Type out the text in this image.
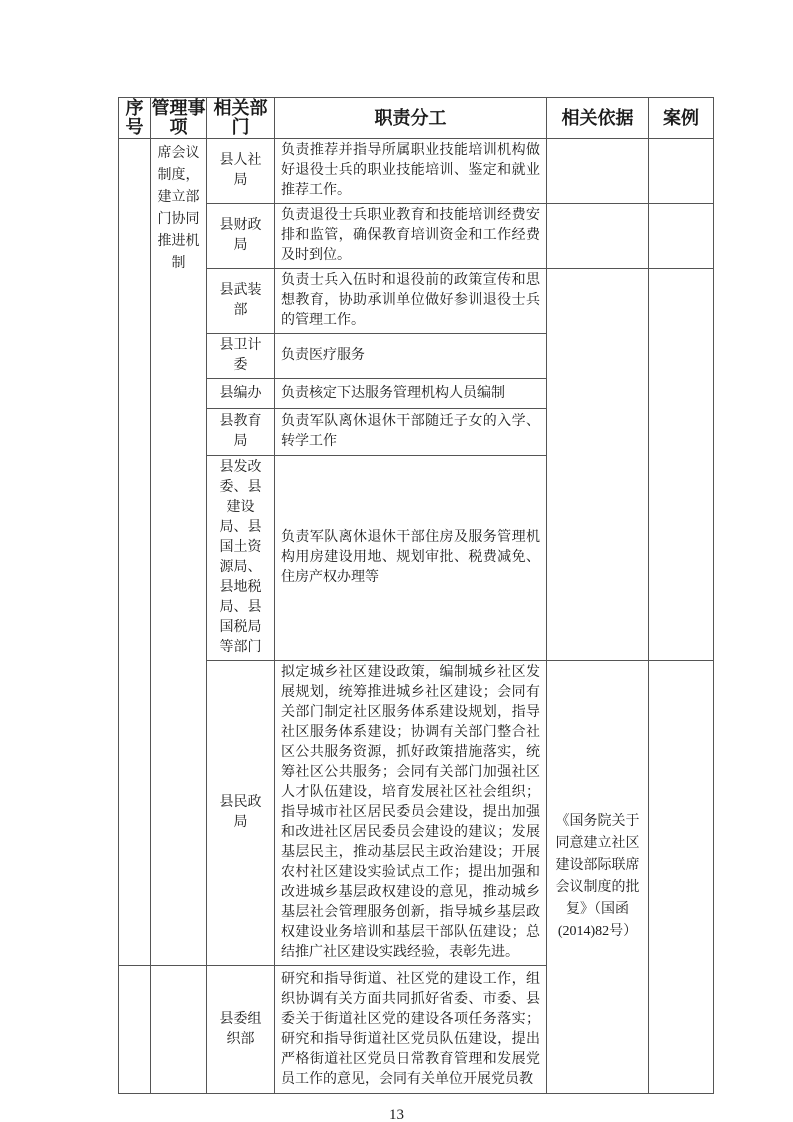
序号	管理事项	相关部门	职责分工	相关依据	案例
	席会议制度，建立部门协同推进机制	县人社局	负责推荐并指导所属职业技能培训机构做好退役士兵的职业技能培训、鉴定和就业推荐工作。		
		县财政局	负责退役士兵职业教育和技能培训经费安排和监管，确保教育培训资金和工作经费及时到位。		
		县武装部	负责士兵入伍时和退役前的政策宣传和思想教育，协助承训单位做好参训退役士兵的管理工作。		
		县卫计委	负责医疗服务		
		县编办	负责核定下达服务管理机构人员编制		
		县教育局	负责军队离休退休干部随迁子女的入学、转学工作		
		县发改委、县建设局、县国土资源局、县地税局、县国税局等部门	负责军队离休退休干部住房及服务管理机构用房建设用地、规划审批、税费减免、住房产权办理等		
		县民政局	拟定城乡社区建设政策，编制城乡社区发展规划，统筹推进城乡社区建设；会同有关部门制定社区服务体系建设规划，指导社区服务体系建设；协调有关部门整合社区公共服务资源，抓好政策措施落实，统筹社区公共服务；会同有关部门加强社区人才队伍建设，培育发展社区社会组织；指导城市社区居民委员会建设，提出加强和改进社区居民委员会建设的建议；发展基层民主，推动基层民主政治建设；开展农村社区建设实验试点工作；提出加强和改进城乡基层政权建设的意见，推动城乡基层社会管理服务创新，指导城乡基层政权建设业务培训和基层干部队伍建设；总结推广社区建设实践经验，表彰先进。	《国务院关于同意建立社区建设部际联席会议制度的批复》（国函(2014)82号）	
		县委组织部	研究和指导街道、社区党的建设工作，组织协调有关方面共同抓好省委、市委、县委关于街道社区党的建设各项任务落实；研究和指导街道社区党员队伍建设，提出严格街道社区党员日常教育管理和发展党员工作的意见，会同有关单位开展党员教		
13
